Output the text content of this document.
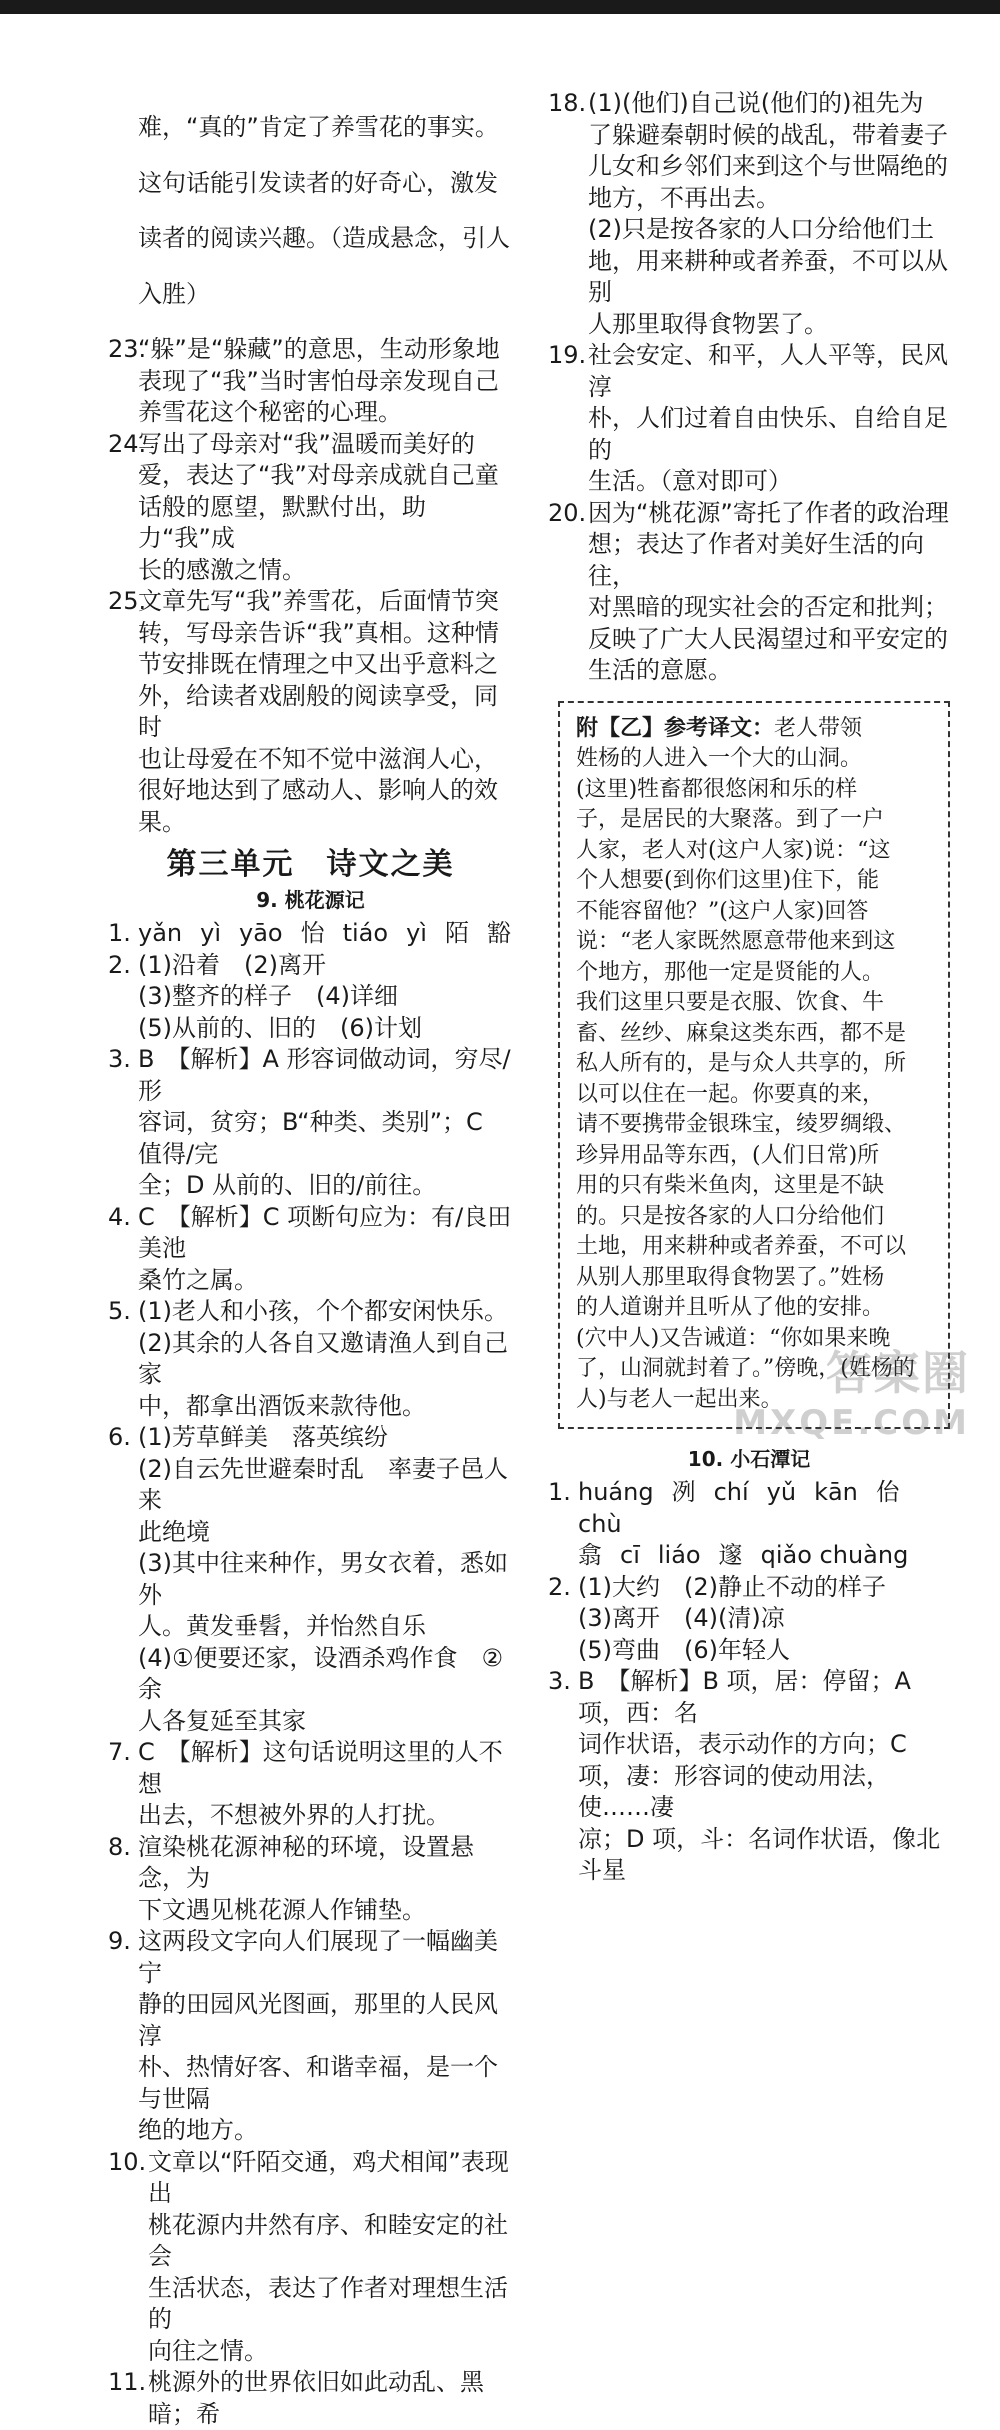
难，“真的”肯定了养雪花的事实。

这句话能引发读者的好奇心，激发

读者的阅读兴趣。（造成悬念，引人

入胜）

23.

“躲”是“躲藏”的意思，生动形象地

表现了“我”当时害怕母亲发现自己

养雪花这个秘密的心理。

24.

写出了母亲对“我”温暖而美好的

爱，表达了“我”对母亲成就自己童

话般的愿望，默默付出，助力“我”成

长的感激之情。

25.

文章先写“我”养雪花，后面情节突

转，写母亲告诉“我”真相。这种情

节安排既在情理之中又出乎意料之

外，给读者戏剧般的阅读享受，同时

也让母爱在不知不觉中滋润人心，

很好地达到了感动人、影响人的效

果。

第三单元　诗文之美
9. 桃花源记
1. yǎn yì yāo 怡 tiáo yì 陌 豁
2. (1)沿着　(2)离开

(3)整齐的样子　(4)详细

(5)从前的、旧的　(6)计划

3. B　【解析】A 形容词做动词，穷尽/形

容词，贫穷；B“种类、类别”；C 值得/完

全；D 从前的、旧的/前往。

4. C　【解析】C 项断句应为：有/良田美池

桑竹之属。

5. (1)老人和小孩，个个都安闲快乐。

(2)其余的人各自又邀请渔人到自己家

中，都拿出酒饭来款待他。

6. (1)芳草鲜美　落英缤纷

(2)自云先世避秦时乱　率妻子邑人来

此绝境

(3)其中往来种作，男女衣着，悉如外

人。黄发垂髫，并怡然自乐

(4)①便要还家，设酒杀鸡作食　②余

人各复延至其家

7. C　【解析】这句话说明这里的人不想

出去，不想被外界的人打扰。

8. 渲染桃花源神秘的环境，设置悬念，为

下文遇见桃花源人作铺垫。

9. 这两段文字向人们展现了一幅幽美宁

静的田园风光图画，那里的人民风淳

朴、热情好客、和谐幸福，是一个与世隔

绝的地方。

10. 文章以“阡陌交通，鸡犬相闻”表现出

桃花源内井然有序、和睦安定的社会

生活状态，表达了作者对理想生活的

向往之情。

11. 桃源外的世界依旧如此动乱、黑暗；希

18. (1)(他们)自己说(他们的)祖先为

了躲避秦朝时候的战乱，带着妻子

儿女和乡邻们来到这个与世隔绝的

地方，不再出去。

(2)只是按各家的人口分给他们土

地，用来耕种或者养蚕，不可以从别

人那里取得食物罢了。

19. 社会安定、和平，人人平等，民风淳

朴，人们过着自由快乐、自给自足的

生活。（意对即可）

20. 因为“桃花源”寄托了作者的政治理

想；表达了作者对美好生活的向往，

对黑暗的现实社会的否定和批判；

反映了广大人民渴望过和平安定的

生活的意愿。

附【乙】参考译文：老人带领
姓杨的人进入一个大的山洞。
(这里)牲畜都很悠闲和乐的样
子，是居民的大聚落。到了一户
人家，老人对(这户人家)说：“这
个人想要(到你们这里)住下，能
不能容留他？”(这户人家)回答
说：“老人家既然愿意带他来到这
个地方，那他一定是贤能的人。
我们这里只要是衣服、饮食、牛
畜、丝纱、麻枲这类东西，都不是
私人所有的，是与众人共享的，所
以可以住在一起。你要真的来，
请不要携带金银珠宝，绫罗绸缎、
珍异用品等东西，(人们日常)所
用的只有柴米鱼肉，这里是不缺
的。只是按各家的人口分给他们
土地，用来耕种或者养蚕，不可以
从别人那里取得食物罢了。”姓杨
的人道谢并且听从了他的安排。
(穴中人)又告诫道：“你如果来晚
了，山洞就封着了。”傍晚，(姓杨的
人)与老人一起出来。
10. 小石潭记
1. huáng 冽 chí yǔ kān 佁
chù
翕 cī liáo 邃 qiǎo chuàng
2. (1)大约　(2)静止不动的样子

(3)离开　(4)(清)凉

(5)弯曲　(6)年轻人

3. B　【解析】B 项，居：停留；A 项，西：名

词作状语，表示动作的方向；C

项，凄：形容词的使动用法，使……凄

凉；D 项，斗：名词作状语，像北斗星

答案圈
MXQE.COM
